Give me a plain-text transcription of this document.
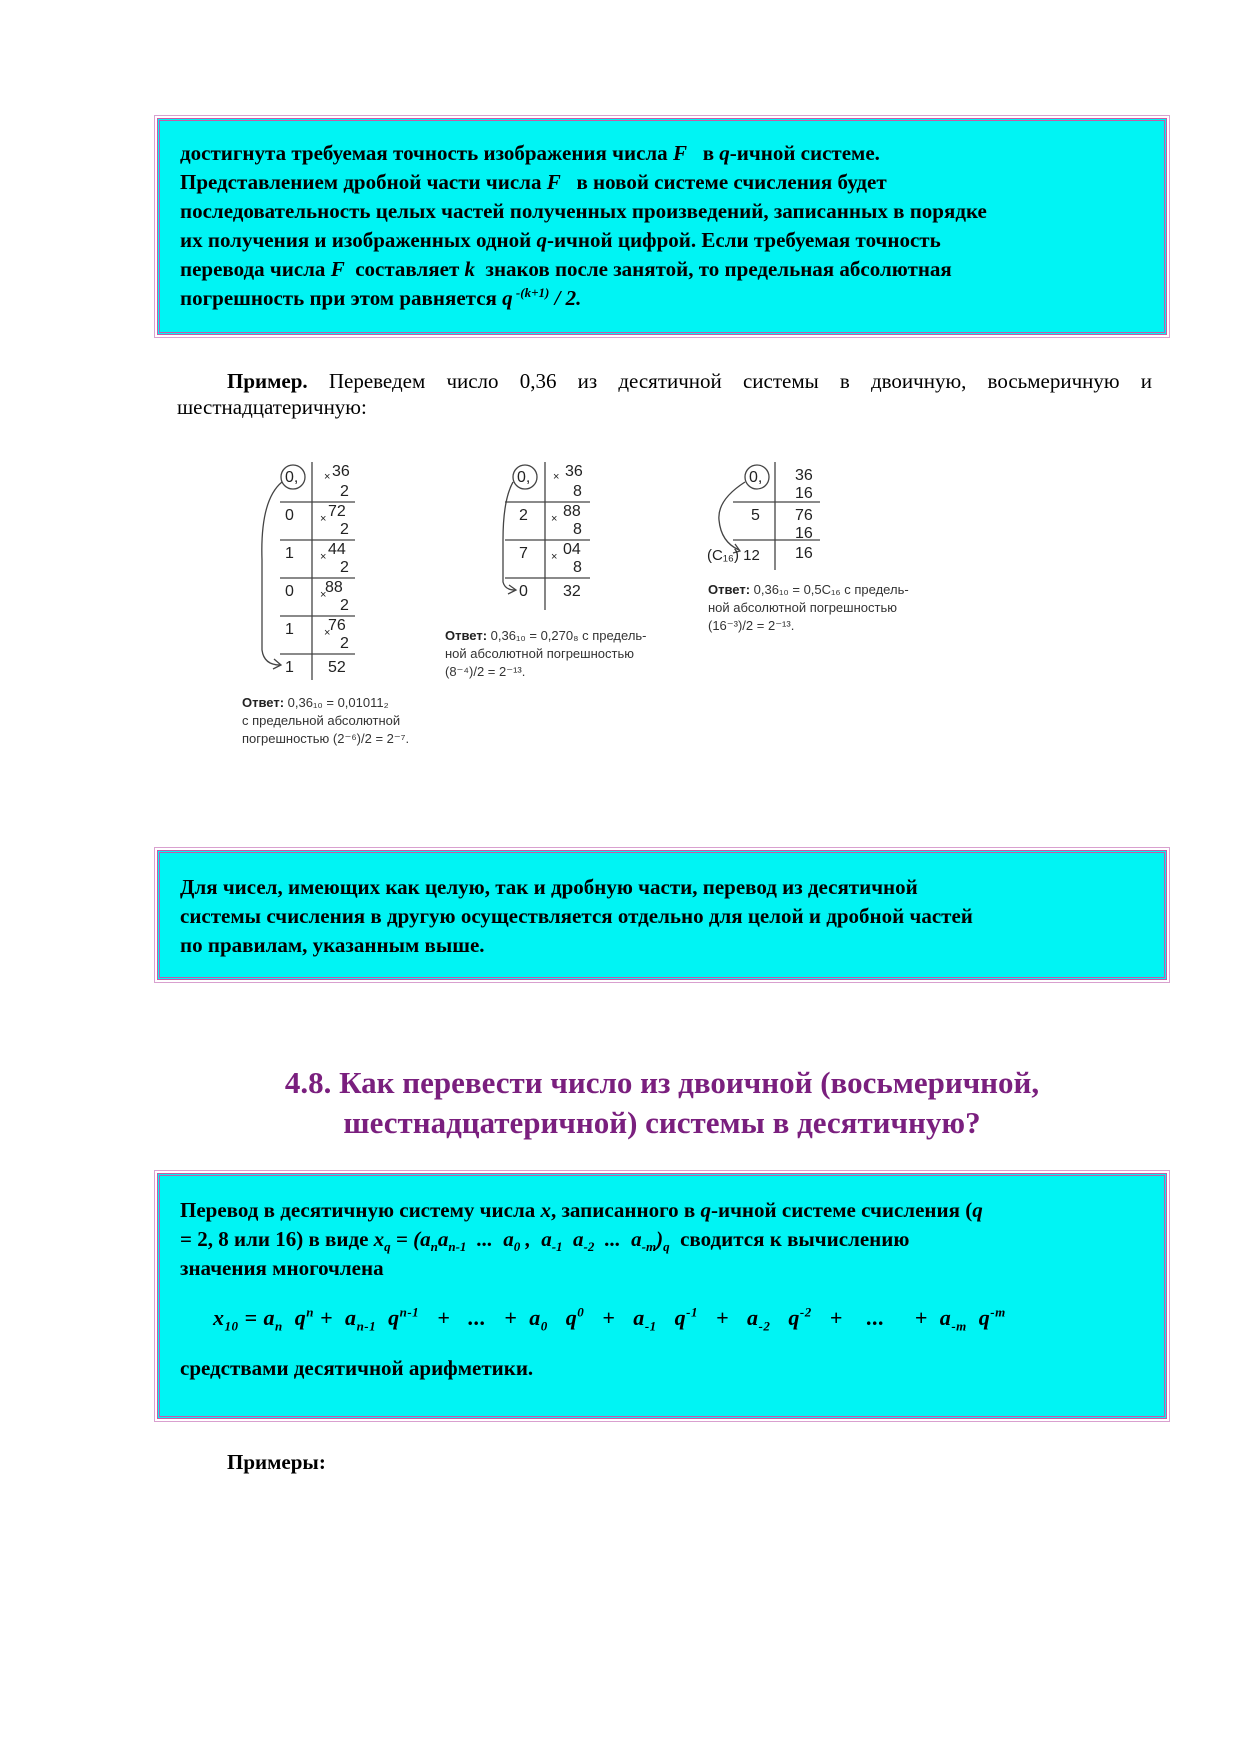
достигнута требуемая точность изображения числа F   в q-ичной системе.
Представлением дробной части числа F   в новой системе счисления будет
последовательность целых частей полученных произведений, записанных в порядке
их получения и изображенных одной q-ичной цифрой. Если требуемая точность
перевода числа F  составляет k  знаков после занятой, то предельная абсолютная
погрешность при этом равняется q $^{-(k+1)}$ / 2.
Пример. Переведем число 0,36 из десятичной системы в двоичную, восьмеричную и шестнадцатеричную:
0, × 36
2
0 × 72
2
1 × 44
2
0 ×
88
2
1	×
76
2
1 52
Ответ: 0,36₁₀ = 0,01011₂
с предельной абсолютной
погрешностью (2⁻⁶)/2 = 2⁻⁷.
0, × 36
8
2 × 88
8
7 × 04
8
0 32
Ответ: 0,36₁₀ = 0,270₈ с предель-
ной абсолютной погрешностью
(8⁻⁴)/2 = 2⁻¹³.
0, 36
16
5 76
16
(C₁₆) 12 16
Ответ: 0,36₁₀ = 0,5C₁₆ с предель-
ной абсолютной погрешностью
(16⁻³)/2 = 2⁻¹³.
Для чисел, имеющих как целую, так и дробную части, перевод из десятичной
системы счисления в другую осуществляется отдельно для целой и дробной частей
по правилам, указанным выше.
4.8. Как перевести число из двоичной (восьмеричной,
шестнадцатеричной) системы в десятичную?
Перевод в десятичную систему числа x, записанного в q-ичной системе счисления (q
= 2, 8 или 16) в виде $x_q = (a_na_{n-1}$  ...  $a_0$ ,  $a_{-1}$  $a_{-2}$  ...  $a_{-m})_q$  сводится к вычислению
значения многочлена
$x_{10} = a_n$  $q^n + a_{n-1}$  $q^{n-1}$   +   ...   +  $a_0$   $q^0 + a_{-1}$   $q^{-1} + a_{-2}$   $q^{-2}$   +    ...     +  $a_{-m}$  $q^{-m}$
средствами десятичной арифметики.
Примеры:
